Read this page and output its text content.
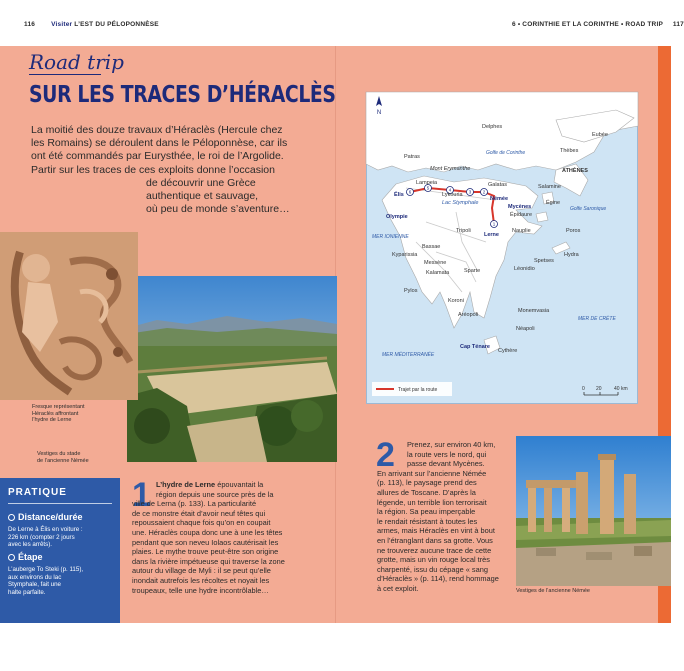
116 Visiter L’EST DU PÉLOPONNÈSE	6 • CORINTHIE ET LA CORINTHE • ROAD TRIP 117
Road trip
SUR LES TRACES D’HÉRACLÈS
La moitié des douze travaux d’Héraclès (Hercule chez
les Romains) se déroulent dans le Péloponnèse, car ils
ont été commandés par Eurysthée, le roi de l’Argolide.
Partir sur les traces de ces exploits donne l’occasion
de découvrir une Grèce
authentique et sauvage,
où peu de monde s’aventure…
Fresque représentant
Héraclès affrontant
l’hydre de Lerne
Vestiges du stade
de l’ancienne Némée
PRATIQUE
Distance/durée
De Lerne à Élis en voiture :
226 km (compter 2 jours
avec les arrêts).
Étape
L’auberge To Steki (p. 115),
aux environs du lac
Stymphale, fait une
halte parfaite.
1 L’hydre de Lerne épouvantait la
région depuis une source près de la
ville de Lerna (p. 133). La particularité
de ce monstre était d’avoir neuf têtes qui
repoussaient chaque fois qu’on en coupait
une. Héraclès coupa donc une à une les têtes
pendant que son neveu Iolaos cautérisait les
plaies. Le mythe trouve peut-être son origine
dans la rivière impétueuse qui traverse la zone
autour du village de Myli : il se peut qu’elle
inondait autrefois les récoltes et noyait les
troupeaux, telle une hydre incontrôlable…
1
2
3
4
5
6
N
Delphes
Eubée
Patras
Thèbes
Mont Erymanthe
Élis
Lampeia
Lykouria
Galatas	Salamine
ATHÈNES
Olympie
Lac Stymphale
Némée
Mycènes
Épidaure
Égine
Nauplie
Lerne
Poros
Tripoli
Bassae
Kyparissia
Messène	Spetses
Hydra
Kalamata	Sparte	Léonidio
Pylos
Koroni
Monemvasia
Aréopoli
Néapoli
Cap Ténare
Cythère
Golfe de Corinthe
Golfe Saronique
MER IONIENNE
MER DE CRÈTE
MER MÉDITERRANÉE
Trajet par la route	0 20 40 km
2 Prenez, sur environ 40 km,
la route vers le nord, qui
passe devant Mycènes.
En arrivant sur l’ancienne Némée
(p. 113), le paysage prend des
allures de Toscane. D’après la
légende, un terrible lion terrorisait
la région. Sa peau imperçable
le rendait résistant à toutes les
armes, mais Héraclès en vint à bout
en l’étranglant dans sa grotte. Vous
ne trouverez aucune trace de cette
grotte, mais un vin rouge local très
charpenté, issu du cépage « sang
d’Héraclès » (p. 114), rend hommage
à cet exploit.	Vestiges de l’ancienne Némée
